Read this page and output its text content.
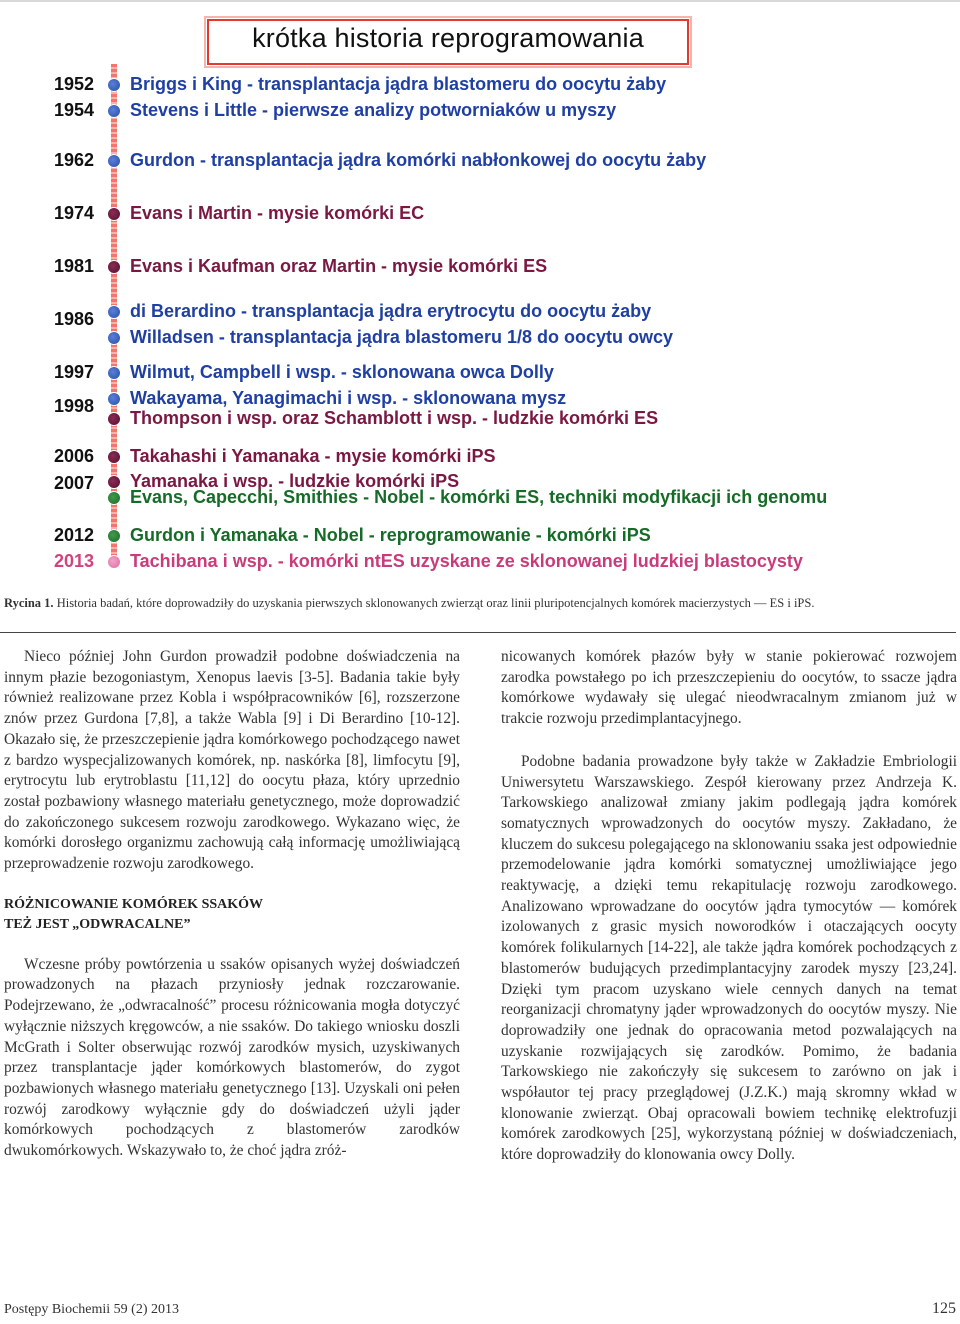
krótka historia reprogramowania
1952	Briggs i King - transplantacja jądra blastomeru do oocytu żaby
1954	Stevens i Little - pierwsze analizy potworniaków u myszy
1962	Gurdon - transplantacja jądra komórki nabłonkowej do oocytu żaby
1974	Evans i Martin - mysie komórki EC
1981	Evans i Kaufman oraz Martin - mysie komórki ES
1986	di Berardino - transplantacja jądra erytrocytu do oocytu żaby
Willadsen - transplantacja jądra blastomeru 1/8 do oocytu owcy
1997	Wilmut, Campbell i wsp. - sklonowana owca Dolly
1998	Wakayama, Yanagimachi i wsp. - sklonowana mysz
Thompson i wsp. oraz Schamblott i wsp. - ludzkie komórki ES
2006	Takahashi i Yamanaka - mysie komórki iPS
2007	Yamanaka i wsp. - ludzkie komórki iPS
Evans, Capecchi, Smithies - Nobel - komórki ES, techniki modyfikacji ich genomu
2012	Gurdon i Yamanaka - Nobel - reprogramowanie - komórki iPS
2013	Tachibana i wsp. - komórki ntES uzyskane ze sklonowanej ludzkiej blastocysty
Rycina 1. Historia badań, które doprowadziły do uzyskania pierwszych sklonowanych zwierząt oraz linii pluripotencjalnych komórek macierzystych — ES i iPS.

Nieco później John Gurdon prowadził podobne doświadczenia na innym płazie bezogoniastym, Xenopus laevis [3-5]. Badania takie były również realizowane przez Kobla i współpracowników [6], rozszerzone znów przez Gurdona [7,8], a także Wabla [9] i Di Berardino [10-12]. Okazało się, że przeszczepienie jądra komórkowego pochodzącego nawet z bardzo wyspecjalizowanych komórek, np. naskórka [8], limfocytu [9], erytrocytu lub erytroblastu [11,12] do oocytu płaza, który uprzednio został pozbawiony własnego materiału genetycznego, może doprowadzić do zakończonego sukcesem rozwoju zarodkowego. Wykazano więc, że komórki dorosłego organizmu zachowują całą informację umożliwiającą przeprowadzenie rozwoju zarodkowego.

RÓŻNICOWANIE KOMÓREK SSAKÓW
TEŻ JEST „ODWRACALNE”

Wczesne próby powtórzenia u ssaków opisanych wyżej doświadczeń prowadzonych na płazach przyniosły jednak rozczarowanie. Podejrzewano, że „odwracalność” procesu różnicowania mogła dotyczyć wyłącznie niższych kręgowców, a nie ssaków. Do takiego wniosku doszli McGrath i Solter obserwując rozwój zarodków mysich, uzyskiwanych przez transplantacje jąder komórkowych blastomerów, do zygot pozbawionych własnego materiału genetycznego [13]. Uzyskali oni pełen rozwój zarodkowy wyłącznie gdy do doświadczeń użyli jąder komórkowych pochodzących z blastomerów zarodków dwukomórkowych. Wskazywało to, że choć jądra zróż-

nicowanych komórek płazów były w stanie pokierować rozwojem zarodka powstałego po ich przeszczepieniu do oocytów, to ssacze jądra komórkowe wydawały się ulegać nieodwracalnym zmianom już w trakcie rozwoju przedimplantacyjnego.

Podobne badania prowadzone były także w Zakładzie Embriologii Uniwersytetu Warszawskiego. Zespół kierowany przez Andrzeja K. Tarkowskiego analizował zmiany jakim podlegają jądra komórek somatycznych wprowadzonych do oocytów myszy. Zakładano, że kluczem do sukcesu polegającego na sklonowaniu ssaka jest odpowiednie przemodelowanie jądra komórki somatycznej umożliwiające jego reaktywację, a dzięki temu rekapitulację rozwoju zarodkowego. Analizowano wprowadzane do oocytów jądra tymocytów — komórek izolowanych z grasic mysich noworodków i otaczających oocyty komórek folikularnych [14-22], ale także jądra komórek pochodzących z blastomerów budujących przedimplantacyjny zarodek myszy [23,24]. Dzięki tym pracom uzyskano wiele cennych danych na temat reorganizacji chromatyny jąder wprowadzonych do oocytów myszy. Nie doprowadziły one jednak do opracowania metod pozwalających na uzyskanie rozwijających się zarodków. Pomimo, że badania Tarkowskiego nie zakończyły się sukcesem to zarówno on jak i współautor tej pracy przeglądowej (J.Z.K.) mają skromny wkład w klonowanie zwierząt. Obaj opracowali bowiem technikę elektrofuzji komórek zarodkowych [25], wykorzystaną później w doświadczeniach, które doprowadziły do klonowania owcy Dolly.

Postępy Biochemii 59 (2) 2013	125
